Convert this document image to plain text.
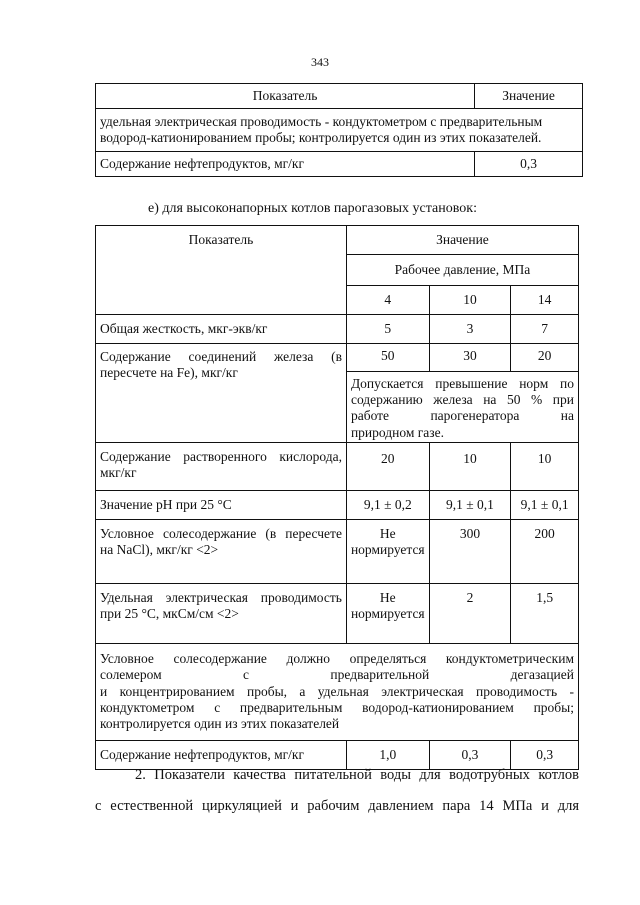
343
Показатель	Значение

удельная электрическая проводимость - кондуктометром с предварительным
водород-катионированием пробы; контролируется один из этих показателей.	

Содержание нефтепродуктов, мг/кг	0,3
е) для высоконапорных котлов парогазовых установок:
Показатель	Значение		
	Рабочее давление, МПа		
	4	10	14
Общая жесткость, мкг-экв/кг	5	3	7

Содержание соединений железа (в
пересчете на Fe), мкг/кг	50	30	20

	Допускается превышение норм по
содержанию железа на 50 % при
работе парогенератора на
природном газе.		

Содержание растворенного кислорода,
мкг/кг	20	10	10
Значение pH при 25 °С	9,1 ± 0,2	9,1 ± 0,1	9,1 ± 0,1

Условное солесодержание (в пересчете
на NaCl), мкг/кг <2>	Не нормируется	300	200

Удельная электрическая проводимость
при 25 °С, мкСм/см <2>	Не нормируется	2	1,5

Условное солесодержание должно определяться кондуктометрическим
солемером с предварительной дегазацией
и концентрированием пробы, а удельная электрическая проводимость -
кондуктометром с предварительным водород-катионированием пробы;
контролируется один из этих показателей			

Содержание нефтепродуктов, мг/кг	1,0	0,3	0,3
2. Показатели качества питательной воды для водотрубных котлов
с естественной циркуляцией и рабочим давлением пара 14 МПа и для
